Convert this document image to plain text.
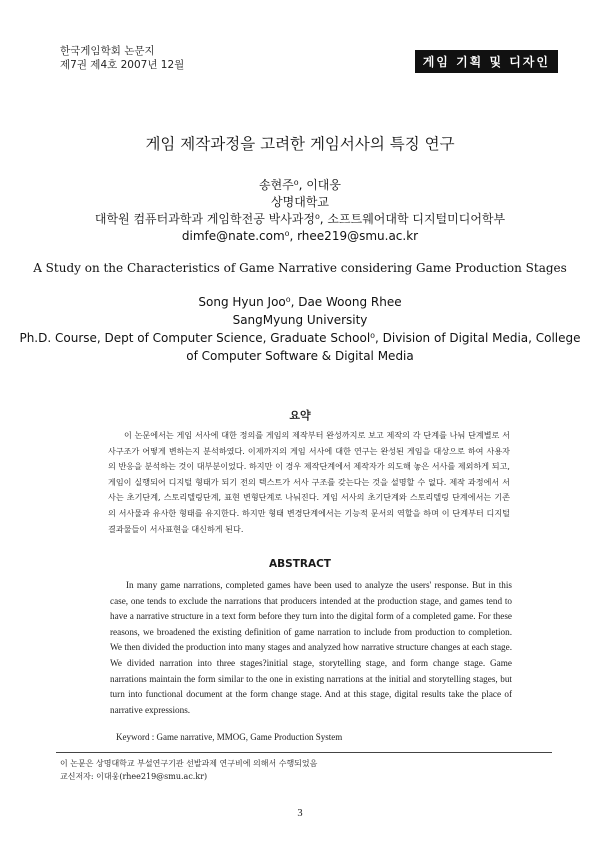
한국게임학회 논문지
제7권 제4호 2007년 12월	게임 기획 및 디자인
게임 제작과정을 고려한 게임서사의 특징 연구
송현주⁰, 이대웅
상명대학교
대학원 컴퓨터과학과 게임학전공 박사과정⁰, 소프트웨어대학 디지털미디어학부
dimfe@nate.com⁰, rhee219@smu.ac.kr
A Study on the Characteristics of Game Narrative considering Game Production Stages
Song Hyun Joo⁰, Dae Woong Rhee
SangMyung University
Ph.D. Course, Dept of Computer Science, Graduate School⁰, Division of Digital Media, College
of Computer Software & Digital Media
요약

이 논문에서는 게임 서사에 대한 정의를 게임의 제작부터 완성까지로 보고 제작의 각 단계를 나눠 단계별로 서사구조가 어떻게 변하는지 분석하였다. 이제까지의 게임 서사에 대한 연구는 완성된 게임을 대상으로 하여 사용자의 반응을 분석하는 것이 대부분이었다. 하지만 이 경우 제작단계에서 제작자가 의도해 놓은 서사를 제외하게 되고, 게임이 실행되어 디지털 형태가 되기 전의 텍스트가 서사 구조를 갖는다는 것을 설명할 수 없다. 제작 과정에서 서사는 초기단계, 스토리텔링단계, 표현 변형단계로 나눠진다. 게임 서사의 초기단계와 스토리텔링 단계에서는 기존의 서사물과 유사한 형태를 유지한다. 하지만 형태 변경단계에서는 기능적 문서의 역할을 하며 이 단계부터 디지털 결과물들이 서사표현을 대신하게 된다.

ABSTRACT

In many game narrations, completed games have been used to analyze the users' response. But in this case, one tends to exclude the narrations that producers intended at the production stage, and games tend to have a narrative structure in a text form before they turn into the digital form of a completed game. For these reasons, we broadened the existing definition of game narration to include from production to completion. We then divided the production into many stages and analyzed how narrative structure changes at each stage. We divided narration into three stages?initial stage, storytelling stage, and form change stage. Game narrations maintain the form similar to the one in existing narrations at the initial and storytelling stages, but turn into functional document at the form change stage. And at this stage, digital results take the place of narrative expressions.

Keyword : Game narrative, MMOG, Game Production System
이 논문은 상명대학교 부설연구기관 선발과제 연구비에 의해서 수행되었음
교신저자: 이대웅(rhee219@smu.ac.kr)
3
